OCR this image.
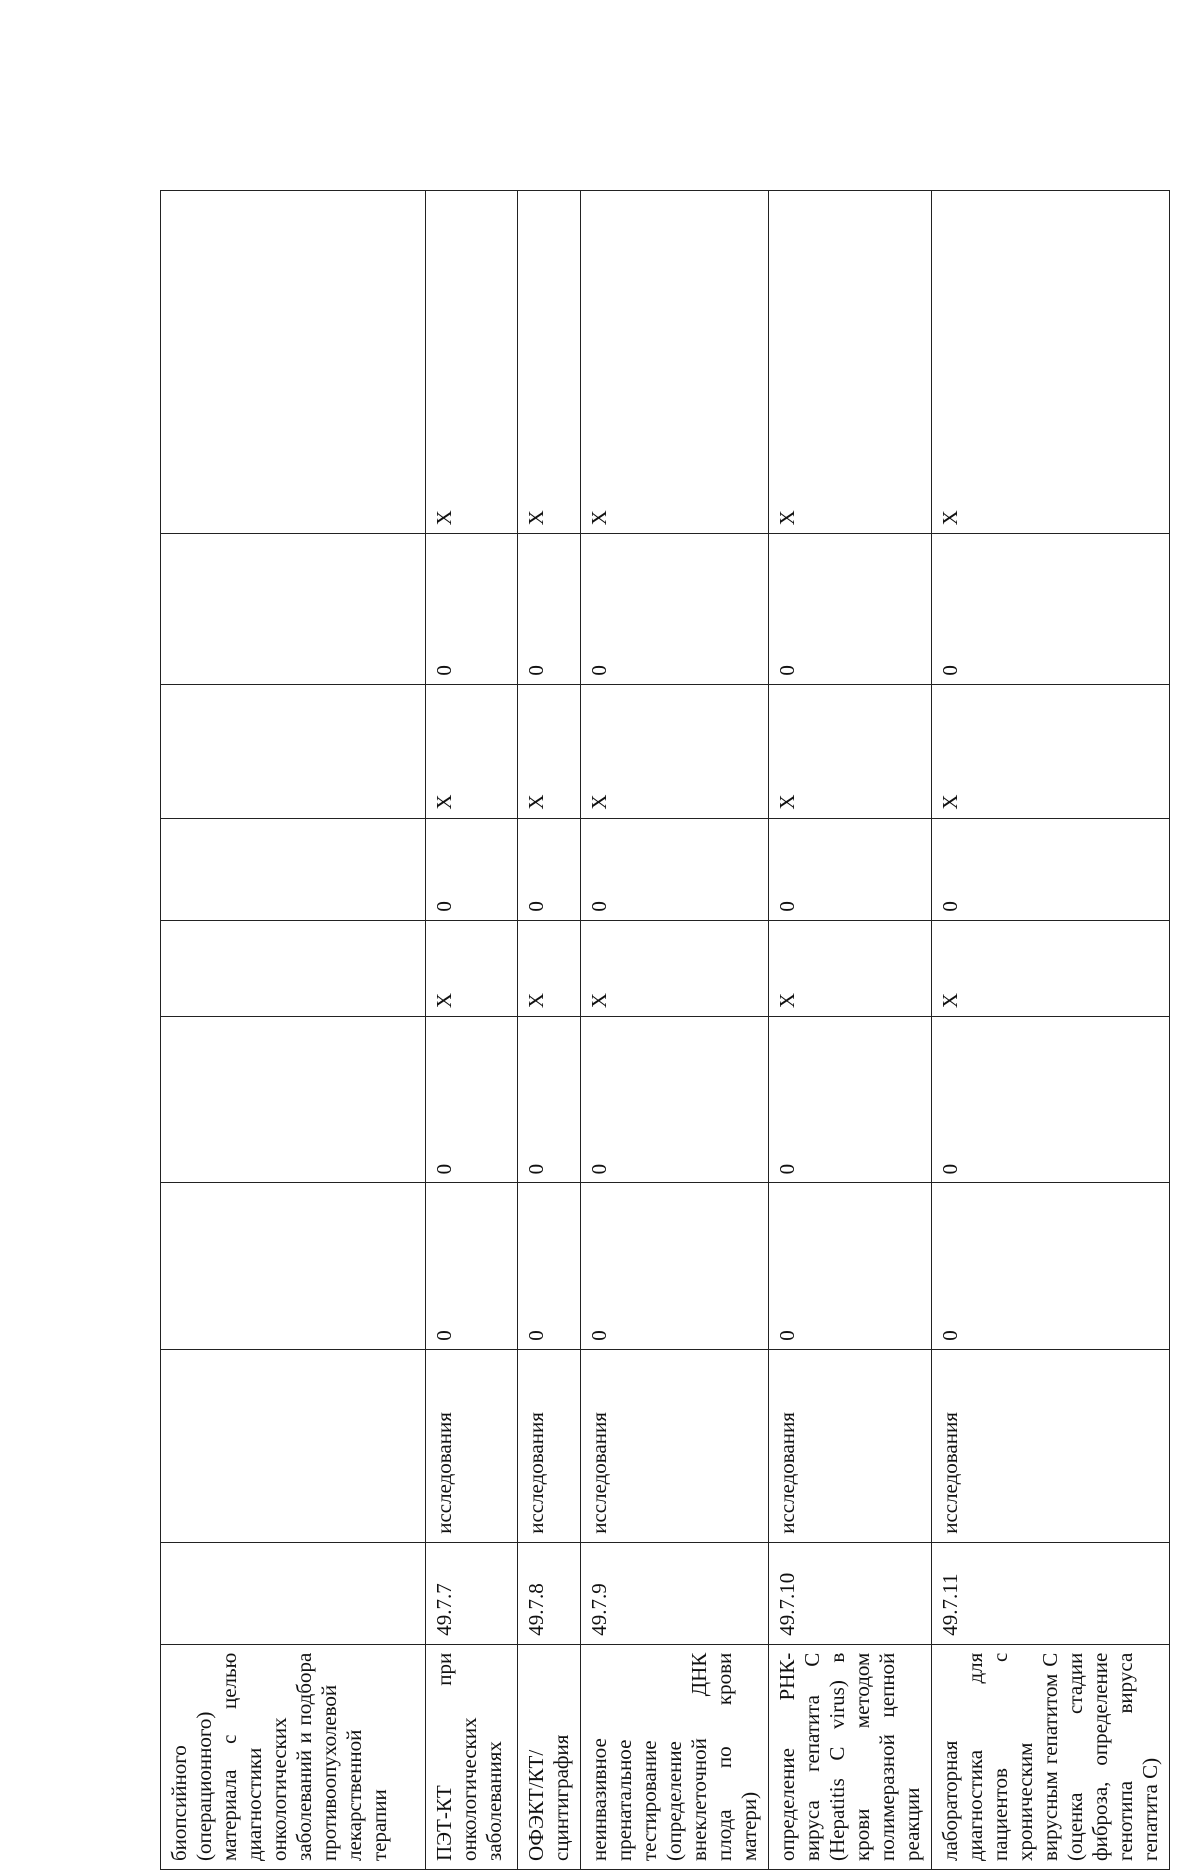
биопсийного (операционного) материала с целью диагностики онкологических заболеваний и подбора противоопухолевой лекарственной терапии									
ПЭТ-КТ при онкологических заболеваниях	49.7.7	исследования	0	0	X	0	X	0	X
ОФЭКТ/КТ/сцинтиграфия	49.7.8	исследования	0	0	X	0	X	0	X
неинвазивное пренатальное тестирование (определение внеклеточной ДНК плода по крови матери)	49.7.9	исследования	0	0	X	0	X	0	X
определение РНК-вируса гепатита С (Hepatitis C virus) в крови методом полимеразной цепной реакции	49.7.10	исследования	0	0	X	0	X	0	X
лабораторная диагностика для пациентов с хроническим вирусным гепатитом С (оценка стадии фиброза, определение генотипа вируса гепатита С)	49.7.11	исследования	0	0	X	0	X	0	X
